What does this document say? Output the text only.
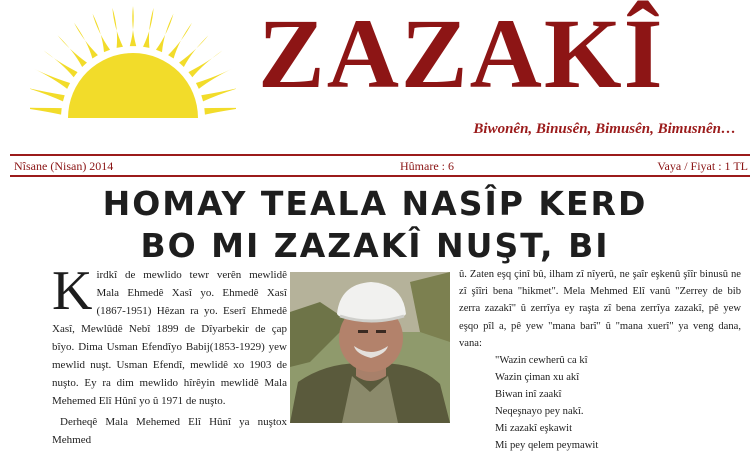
ZAZAKÎ
Biwonên, Binusên, Bimusên, Bimusnên…
Nîsane (Nisan) 2014	Hûmare : 6	Vaya / Fiyat : 1 TL
HOMAY TEALA NASÎP KERD
BO MI ZAZAKÎ NUŞT, BI
K irdkî de mewlido tewr verên mewlidê Mala Ehmedê Xasî yo. Ehmedê Xasî (1867-1951) Hêzan ra yo. Eserî Ehmedê Xasî, Mewlûdê Nebî 1899 de Dîyarbekir de çap bîyo. Dima Usman Efendîyo Babij(1853-1929) yew mewlid nuşt. Usman Efendî, mewlidê xo 1903 de nuşto. Ey ra dim mewlido hîrêyin mewlidê Mala Mehemed Elî Hûnî yo û 1971 de nuşto.

Derheqê Mala Mehemed Elî Hûnî ya nuştox Mehmed

û. Zaten eşq çinî bû, ilham zî nîyerû, ne şaîr eşkenû şîîr binusû ne zî şîîri bena "hikmet". Mela Mehmed Elî vanû "Zerrey de bib zerra zazakî" û zerrîya ey raşta zî bena zerrîya zazakî, pê yew eşqo pîl a, pê yew "mana barî" û "mana xuerî" ya veng dana, vana:

"Wazin cewherû ca kî
Wazin çiman xu akî
Biwan inî zaakî
Neqeşnayo pey nakî.
Mi zazakî eşkawit
Mi pey qelem peymawit
